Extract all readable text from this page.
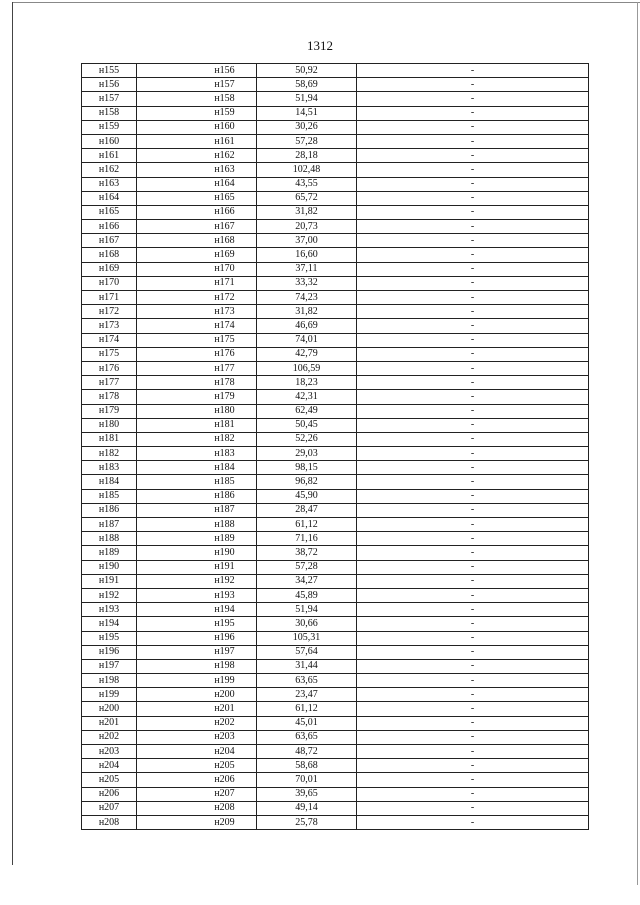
1312
н155	н156	50,92	-
н156	н157	58,69	-
н157	н158	51,94	-
н158	н159	14,51	-
н159	н160	30,26	-
н160	н161	57,28	-
н161	н162	28,18	-
н162	н163	102,48	-
н163	н164	43,55	-
н164	н165	65,72	-
н165	н166	31,82	-
н166	н167	20,73	-
н167	н168	37,00	-
н168	н169	16,60	-
н169	н170	37,11	-
н170	н171	33,32	-
н171	н172	74,23	-
н172	н173	31,82	-
н173	н174	46,69	-
н174	н175	74,01	-
н175	н176	42,79	-
н176	н177	106,59	-
н177	н178	18,23	-
н178	н179	42,31	-
н179	н180	62,49	-
н180	н181	50,45	-
н181	н182	52,26	-
н182	н183	29,03	-
н183	н184	98,15	-
н184	н185	96,82	-
н185	н186	45,90	-
н186	н187	28,47	-
н187	н188	61,12	-
н188	н189	71,16	-
н189	н190	38,72	-
н190	н191	57,28	-
н191	н192	34,27	-
н192	н193	45,89	-
н193	н194	51,94	-
н194	н195	30,66	-
н195	н196	105,31	-
н196	н197	57,64	-
н197	н198	31,44	-
н198	н199	63,65	-
н199	н200	23,47	-
н200	н201	61,12	-
н201	н202	45,01	-
н202	н203	63,65	-
н203	н204	48,72	-
н204	н205	58,68	-
н205	н206	70,01	-
н206	н207	39,65	-
н207	н208	49,14	-
н208	н209	25,78	-
